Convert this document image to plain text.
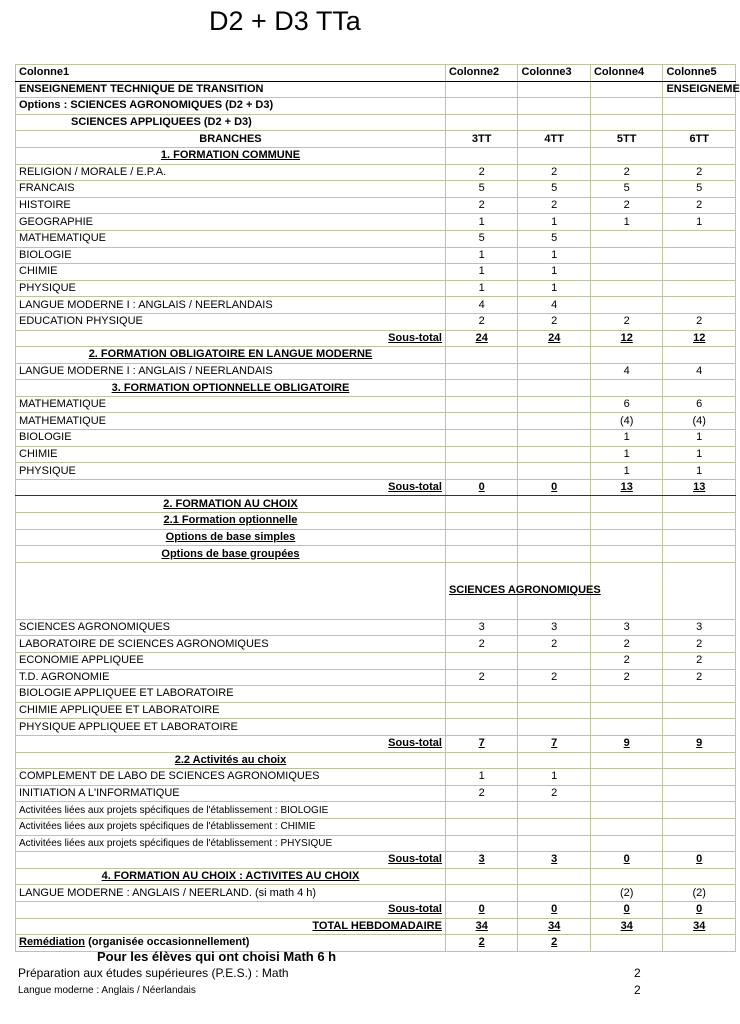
D2 + D3 TTa
Colonne1	Colonne2	Colonne3	Colonne4	Colonne5
ENSEIGNEMENT TECHNIQUE DE TRANSITION				ENSEIGNEME
Options : SCIENCES AGRONOMIQUES (D2 + D3)				
SCIENCES APPLIQUEES (D2 + D3)				
BRANCHES	3TT	4TT	5TT	6TT
1. FORMATION COMMUNE				
RELIGION / MORALE / E.P.A.	2	2	2	2
FRANCAIS	5	5	5	5
HISTOIRE	2	2	2	2
GEOGRAPHIE	1	1	1	1
MATHEMATIQUE	5	5		
BIOLOGIE	1	1		
CHIMIE	1	1		
PHYSIQUE	1	1		
LANGUE MODERNE I : ANGLAIS / NEERLANDAIS	4	4		
EDUCATION PHYSIQUE	2	2	2	2
Sous-total	24	24	12	12
2. FORMATION OBLIGATOIRE EN LANGUE MODERNE				
LANGUE MODERNE I : ANGLAIS / NEERLANDAIS			4	4
3. FORMATION OPTIONNELLE OBLIGATOIRE				
MATHEMATIQUE			6	6
MATHEMATIQUE			(4)	(4)
BIOLOGIE			1	1
CHIMIE			1	1
PHYSIQUE			1	1
Sous-total	0	0	13	13
2. FORMATION AU CHOIX				
2.1 Formation optionnelle				
Options de base simples				
Options de base groupées				
	SCIENCES AGRONOMIQUES			
SCIENCES AGRONOMIQUES	3	3	3	3
LABORATOIRE DE SCIENCES AGRONOMIQUES	2	2	2	2
ECONOMIE APPLIQUEE			2	2
T.D. AGRONOMIE	2	2	2	2
BIOLOGIE APPLIQUEE ET LABORATOIRE				
CHIMIE APPLIQUEE ET LABORATOIRE				
PHYSIQUE APPLIQUEE ET LABORATOIRE				
Sous-total	7	7	9	9
2.2 Activités au choix				
COMPLEMENT DE LABO DE SCIENCES AGRONOMIQUES	1	1		
INITIATION A L'INFORMATIQUE	2	2		
Activitées liées aux projets spécifiques de l'établissement : BIOLOGIE				
Activitées liées aux projets spécifiques de l'établissement : CHIMIE				
Activitées liées aux projets spécifiques de l'établissement : PHYSIQUE				
Sous-total	3	3	0	0
4. FORMATION AU CHOIX : ACTIVITES AU CHOIX				
LANGUE MODERNE : ANGLAIS / NEERLAND. (si math 4 h)			(2)	(2)
Sous-total	0	0	0	0
TOTAL HEBDOMADAIRE	34	34	34	34
Remédiation (organisée occasionnellement)	2	2		
Pour les élèves qui ont choisi Math 6 h
Préparation aux études supérieures (P.E.S.) : Math	2
Langue moderne : Anglais / Néerlandais	2
